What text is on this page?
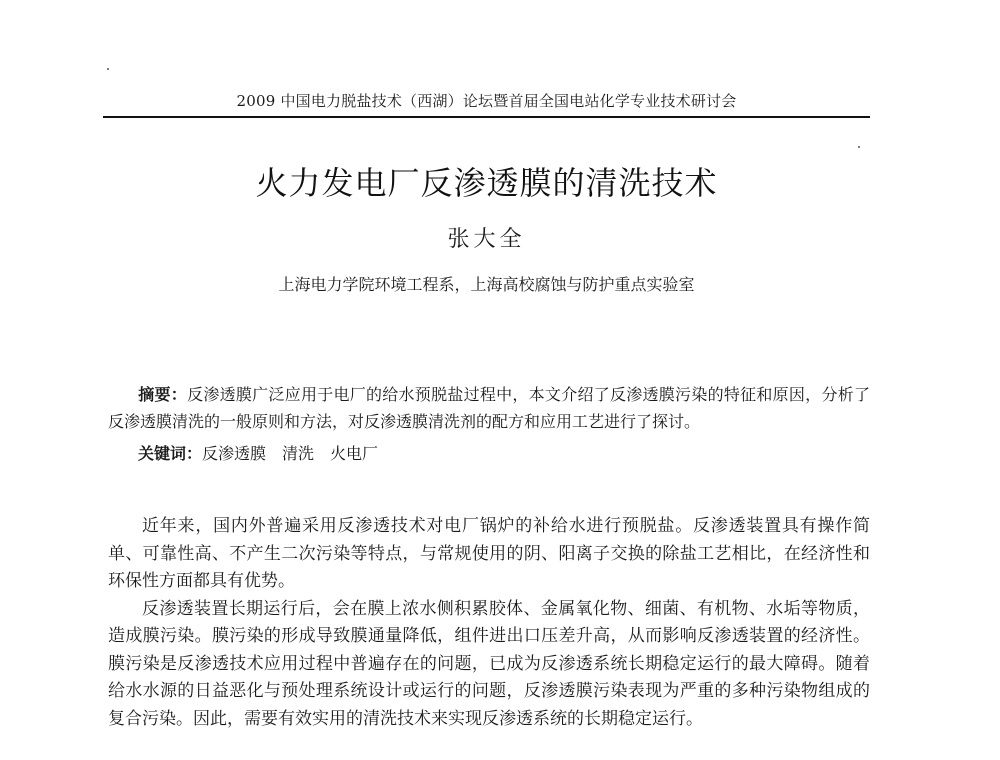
2009 中国电力脱盐技术（西湖）论坛暨首届全国电站化学专业技术研讨会
火力发电厂反渗透膜的清洗技术
张大全
上海电力学院环境工程系，上海高校腐蚀与防护重点实验室
摘要：反渗透膜广泛应用于电厂的给水预脱盐过程中，本文介绍了反渗透膜污染的特征和原因，分析了反渗透膜清洗的一般原则和方法，对反渗透膜清洗剂的配方和应用工艺进行了探讨。
关键词：反渗透膜 清洗 火电厂

近年来，国内外普遍采用反渗透技术对电厂锅炉的补给水进行预脱盐。反渗透装置具有操作简单、可靠性高、不产生二次污染等特点，与常规使用的阴、阳离子交换的除盐工艺相比，在经济性和环保性方面都具有优势。

反渗透装置长期运行后，会在膜上浓水侧积累胶体、金属氧化物、细菌、有机物、水垢等物质，造成膜污染。膜污染的形成导致膜通量降低，组件进出口压差升高，从而影响反渗透装置的经济性。膜污染是反渗透技术应用过程中普遍存在的问题，已成为反渗透系统长期稳定运行的最大障碍。随着给水水源的日益恶化与预处理系统设计或运行的问题，反渗透膜污染表现为严重的多种污染物组成的复合污染。因此，需要有效实用的清洗技术来实现反渗透系统的长期稳定运行。
